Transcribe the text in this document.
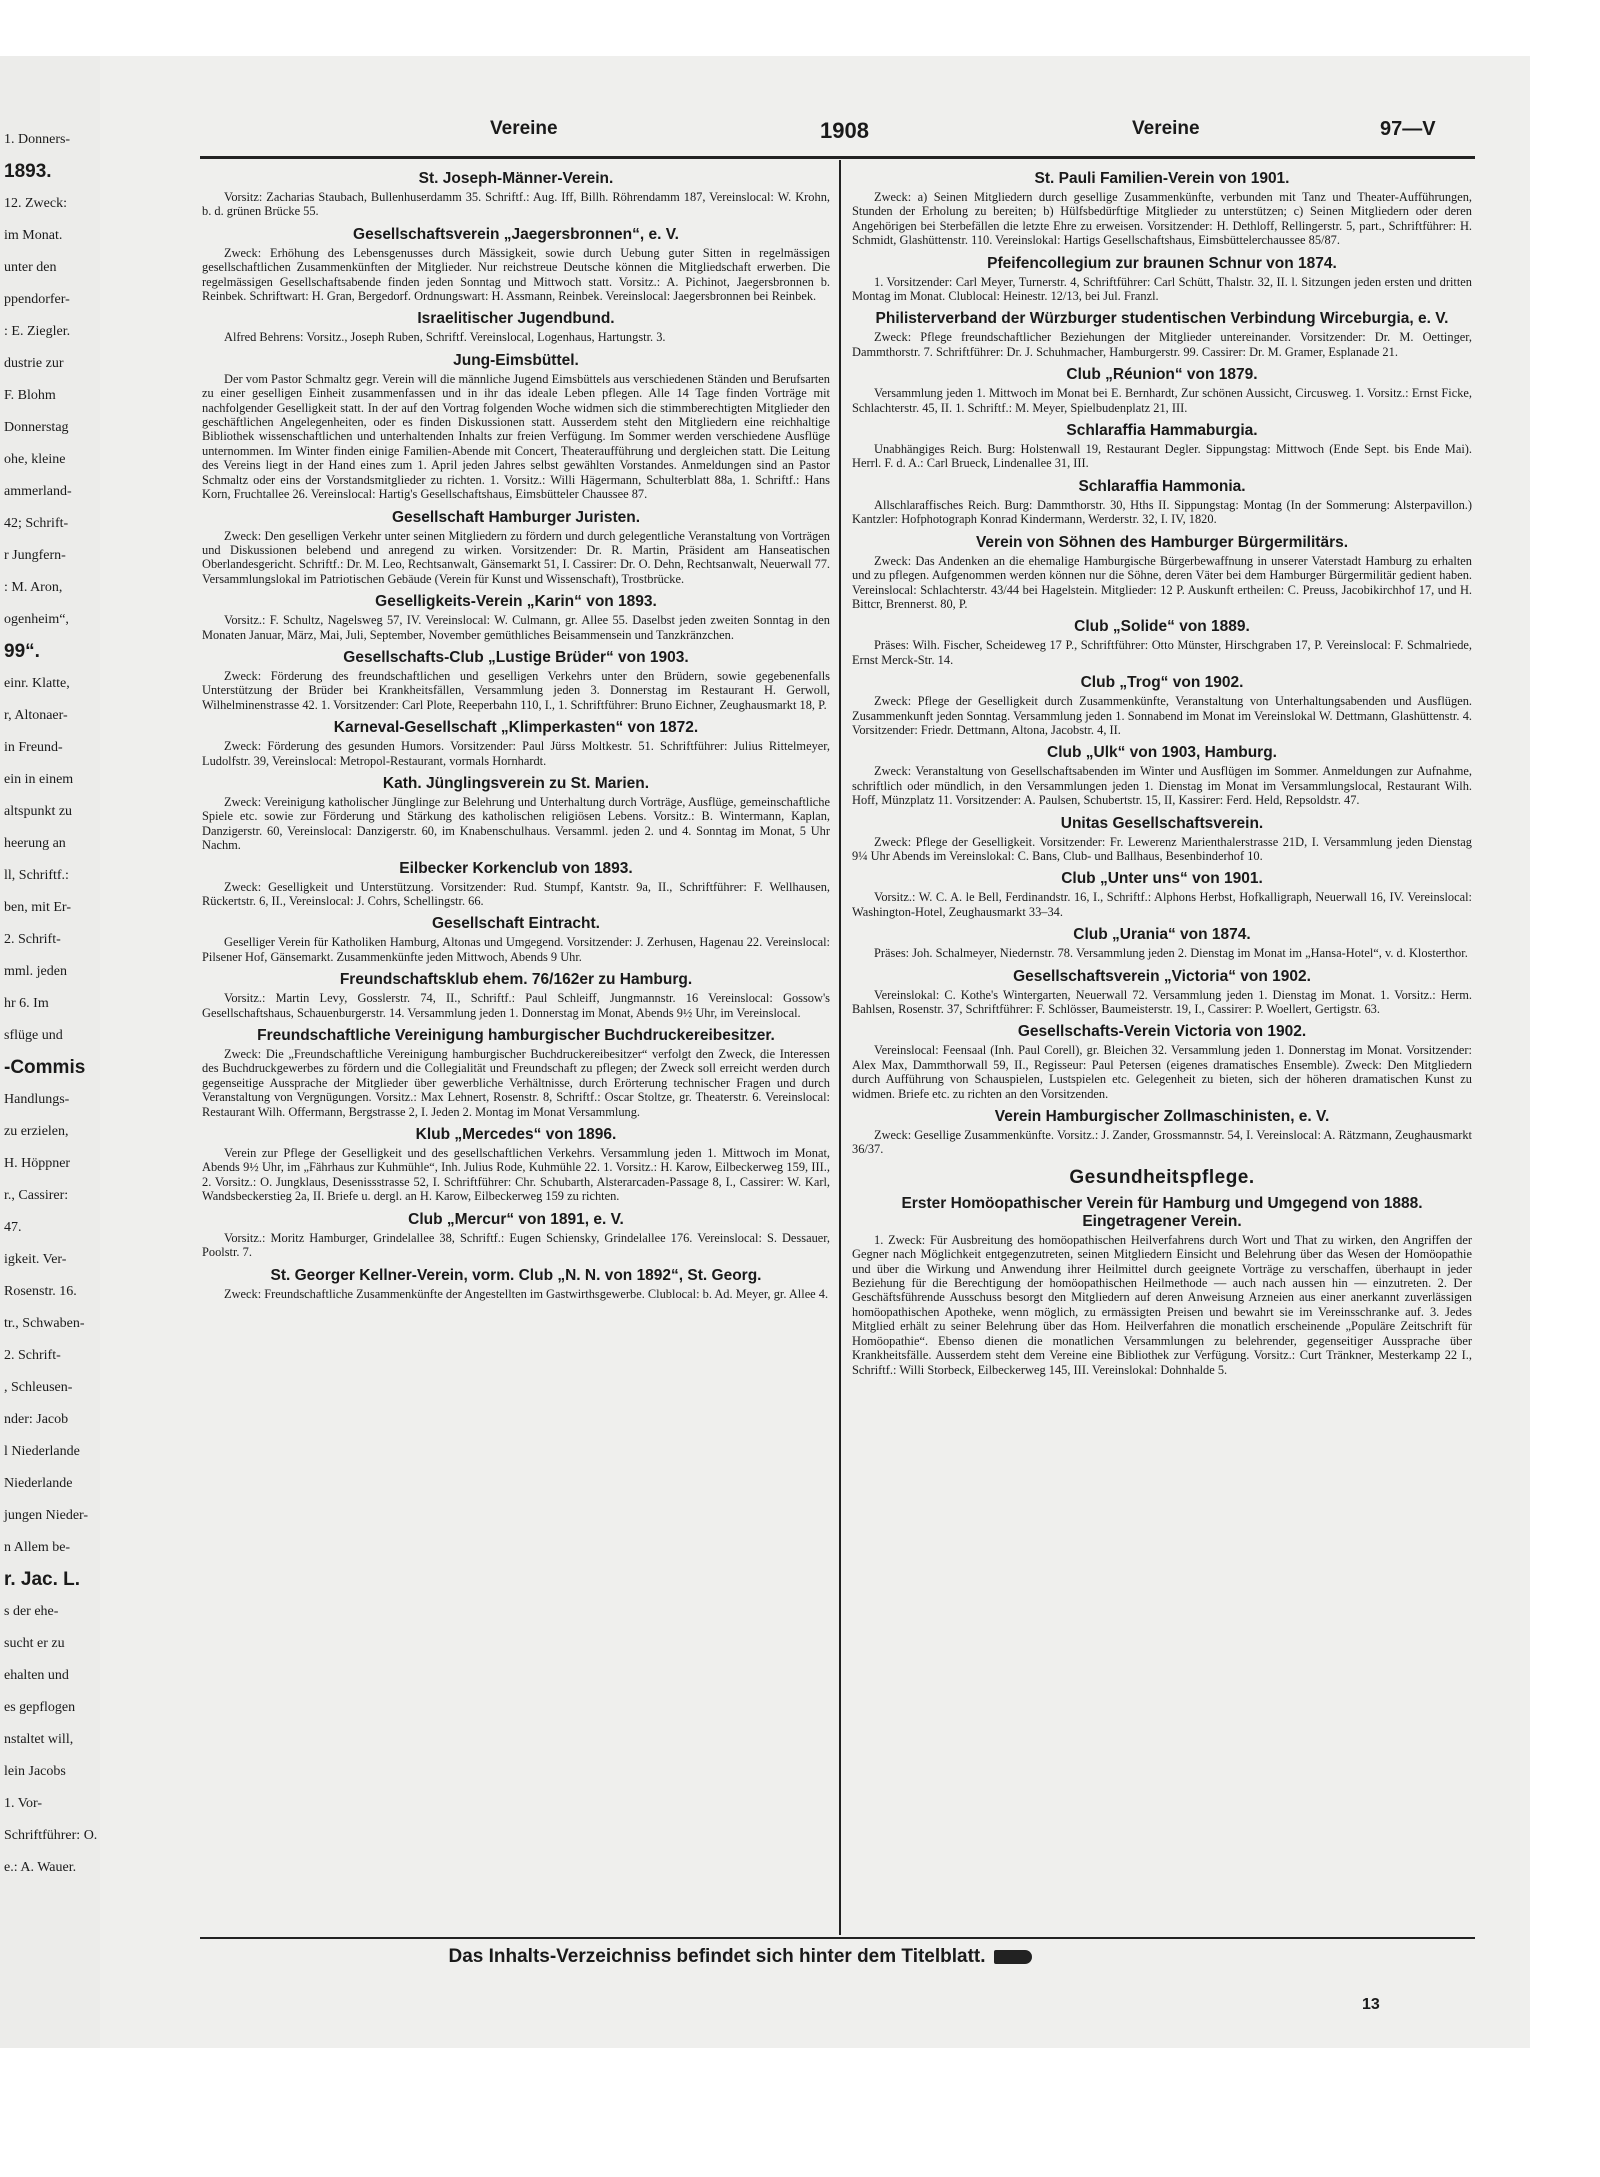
1. Donners-
1893.
12. Zweck:
im Monat.
unter den
ppendorfer-
: E. Ziegler.
dustrie zur
F. Blohm
Donnerstag
ohe, kleine
ammerland-
42; Schrift-
r Jungfern-
: M. Aron,
ogenheim“,
99“.
einr. Klatte,
r, Altonaer-
in Freund-
ein in einem
altspunkt zu
heerung an
ll, Schriftf.:
ben, mit Er-
2. Schrift-
mml. jeden
hr 6. Im
sflüge und
-Commis
Handlungs-
zu erzielen,
H. Höppner
r., Cassirer:
47.
igkeit. Ver-
Rosenstr. 16.
tr., Schwaben-
2. Schrift-
, Schleusen-
nder: Jacob
l Niederlande
Niederlande
jungen Nieder-
n Allem be-
r. Jac. L.
s der ehe-
sucht er zu
ehalten und
es gepflogen
nstaltet will,
lein Jacobs
1. Vor-
Schriftführer: O.
e.: A. Wauer.
Vereine	1908	Vereine	97—V
St. Joseph-Männer-Verein.

Vorsitz: Zacharias Staubach, Bullenhuserdamm 35. Schriftf.: Aug. Iff, Billh. Röhrendamm 187, Vereinslocal: W. Krohn, b. d. grünen Brücke 55.

Gesellschaftsverein „Jaegersbronnen“, e. V.

Zweck: Erhöhung des Lebensgenusses durch Mässigkeit, sowie durch Uebung guter Sitten in regelmässigen gesellschaftlichen Zusammenkünften der Mitglieder. Nur reichstreue Deutsche können die Mitgliedschaft erwerben. Die regelmässigen Gesellschaftsabende finden jeden Sonntag und Mittwoch statt. Vorsitz.: A. Pichinot, Jaegersbronnen b. Reinbek. Schriftwart: H. Gran, Bergedorf. Ordnungswart: H. Assmann, Reinbek. Vereinslocal: Jaegersbronnen bei Reinbek.

Israelitischer Jugendbund.

Alfred Behrens: Vorsitz., Joseph Ruben, Schriftf. Vereinslocal, Logenhaus, Hartungstr. 3.

Jung-Eimsbüttel.

Der vom Pastor Schmaltz gegr. Verein will die männliche Jugend Eimsbüttels aus verschiedenen Ständen und Berufsarten zu einer geselligen Einheit zusammenfassen und in ihr das ideale Leben pflegen. Alle 14 Tage finden Vorträge mit nachfolgender Geselligkeit statt. In der auf den Vortrag folgenden Woche widmen sich die stimmberechtigten Mitglieder den geschäftlichen Angelegenheiten, oder es finden Diskussionen statt. Ausserdem steht den Mitgliedern eine reichhaltige Bibliothek wissenschaftlichen und unterhaltenden Inhalts zur freien Verfügung. Im Sommer werden verschiedene Ausflüge unternommen. Im Winter finden einige Familien-Abende mit Concert, Theateraufführung und dergleichen statt. Die Leitung des Vereins liegt in der Hand eines zum 1. April jeden Jahres selbst gewählten Vorstandes. Anmeldungen sind an Pastor Schmaltz oder eins der Vorstandsmitglieder zu richten. 1. Vorsitz.: Willi Hägermann, Schulterblatt 88a, 1. Schriftf.: Hans Korn, Fruchtallee 26. Vereinslocal: Hartig's Gesellschaftshaus, Eimsbütteler Chaussee 87.

Gesellschaft Hamburger Juristen.

Zweck: Den geselligen Verkehr unter seinen Mitgliedern zu fördern und durch gelegentliche Veranstaltung von Vorträgen und Diskussionen belebend und anregend zu wirken. Vorsitzender: Dr. R. Martin, Präsident am Hanseatischen Oberlandesgericht. Schriftf.: Dr. M. Leo, Rechtsanwalt, Gänsemarkt 51, I. Cassirer: Dr. O. Dehn, Rechtsanwalt, Neuerwall 77. Versammlungslokal im Patriotischen Gebäude (Verein für Kunst und Wissenschaft), Trostbrücke.

Geselligkeits-Verein „Karin“ von 1893.

Vorsitz.: F. Schultz, Nagelsweg 57, IV. Vereinslocal: W. Culmann, gr. Allee 55. Daselbst jeden zweiten Sonntag in den Monaten Januar, März, Mai, Juli, September, November gemüthliches Beisammensein und Tanzkränzchen.

Gesellschafts-Club „Lustige Brüder“ von 1903.

Zweck: Förderung des freundschaftlichen und geselligen Verkehrs unter den Brüdern, sowie gegebenenfalls Unterstützung der Brüder bei Krankheitsfällen, Versammlung jeden 3. Donnerstag im Restaurant H. Gerwoll, Wilhelminenstrasse 42. 1. Vorsitzender: Carl Plote, Reeperbahn 110, I., 1. Schriftführer: Bruno Eichner, Zeughausmarkt 18, P.

Karneval-Gesellschaft „Klimperkasten“ von 1872.

Zweck: Förderung des gesunden Humors. Vorsitzender: Paul Jürss Moltkestr. 51. Schriftführer: Julius Rittelmeyer, Ludolfstr. 39, Vereinslocal: Metropol-Restaurant, vormals Hornhardt.

Kath. Jünglingsverein zu St. Marien.

Zweck: Vereinigung katholischer Jünglinge zur Belehrung und Unterhaltung durch Vorträge, Ausflüge, gemeinschaftliche Spiele etc. sowie zur Förderung und Stärkung des katholischen religiösen Lebens. Vorsitz.: B. Wintermann, Kaplan, Danzigerstr. 60, Vereinslocal: Danzigerstr. 60, im Knabenschulhaus. Versamml. jeden 2. und 4. Sonntag im Monat, 5 Uhr Nachm.

Eilbecker Korkenclub von 1893.

Zweck: Geselligkeit und Unterstützung. Vorsitzender: Rud. Stumpf, Kantstr. 9a, II., Schriftführer: F. Wellhausen, Rückertstr. 6, II., Vereinslocal: J. Cohrs, Schellingstr. 66.

Gesellschaft Eintracht.

Geselliger Verein für Katholiken Hamburg, Altonas und Umgegend. Vorsitzender: J. Zerhusen, Hagenau 22. Vereinslocal: Pilsener Hof, Gänsemarkt. Zusammenkünfte jeden Mittwoch, Abends 9 Uhr.

Freundschaftsklub ehem. 76/162er zu Hamburg.

Vorsitz.: Martin Levy, Gosslerstr. 74, II., Schriftf.: Paul Schleiff, Jungmannstr. 16 Vereinslocal: Gossow's Gesellschaftshaus, Schauenburgerstr. 14. Versammlung jeden 1. Donnerstag im Monat, Abends 9½ Uhr, im Vereinslocal.

Freundschaftliche Vereinigung hamburgischer Buchdruckereibesitzer.

Zweck: Die „Freundschaftliche Vereinigung hamburgischer Buchdruckereibesitzer“ verfolgt den Zweck, die Interessen des Buchdruckgewerbes zu fördern und die Collegialität und Freundschaft zu pflegen; der Zweck soll erreicht werden durch gegenseitige Aussprache der Mitglieder über gewerbliche Verhältnisse, durch Erörterung technischer Fragen und durch Veranstaltung von Vergnügungen. Vorsitz.: Max Lehnert, Rosenstr. 8, Schriftf.: Oscar Stoltze, gr. Theaterstr. 6. Vereinslocal: Restaurant Wilh. Offermann, Bergstrasse 2, I. Jeden 2. Montag im Monat Versammlung.

Klub „Mercedes“ von 1896.

Verein zur Pflege der Geselligkeit und des gesellschaftlichen Verkehrs. Versammlung jeden 1. Mittwoch im Monat, Abends 9½ Uhr, im „Fährhaus zur Kuhmühle“, Inh. Julius Rode, Kuhmühle 22. 1. Vorsitz.: H. Karow, Eilbeckerweg 159, III., 2. Vorsitz.: O. Jungklaus, Desenissstrasse 52, I. Schriftführer: Chr. Schubarth, Alsterarcaden-Passage 8, I., Cassirer: W. Karl, Wandsbeckerstieg 2a, II. Briefe u. dergl. an H. Karow, Eilbeckerweg 159 zu richten.

Club „Mercur“ von 1891, e. V.

Vorsitz.: Moritz Hamburger, Grindelallee 38, Schriftf.: Eugen Schiensky, Grindelallee 176. Vereinslocal: S. Dessauer, Poolstr. 7.

St. Georger Kellner-Verein, vorm. Club „N. N. von 1892“, St. Georg.

Zweck: Freundschaftliche Zusammenkünfte der Angestellten im Gastwirthsgewerbe. Clublocal: b. Ad. Meyer, gr. Allee 4.

St. Pauli Familien-Verein von 1901.

Zweck: a) Seinen Mitgliedern durch gesellige Zusammenkünfte, verbunden mit Tanz und Theater-Aufführungen, Stunden der Erholung zu bereiten; b) Hülfsbedürftige Mitglieder zu unterstützen; c) Seinen Mitgliedern oder deren Angehörigen bei Sterbefällen die letzte Ehre zu erweisen. Vorsitzender: H. Dethloff, Rellingerstr. 5, part., Schriftführer: H. Schmidt, Glashüttenstr. 110. Vereinslokal: Hartigs Gesellschaftshaus, Eimsbüttelerchaussee 85/87.

Pfeifencollegium zur braunen Schnur von 1874.

1. Vorsitzender: Carl Meyer, Turnerstr. 4, Schriftführer: Carl Schütt, Thalstr. 32, II. l. Sitzungen jeden ersten und dritten Montag im Monat. Clublocal: Heinestr. 12/13, bei Jul. Franzl.

Philisterverband der Würzburger studentischen Verbindung Wirceburgia, e. V.

Zweck: Pflege freundschaftlicher Beziehungen der Mitglieder untereinander. Vorsitzender: Dr. M. Oettinger, Dammthorstr. 7. Schriftführer: Dr. J. Schuhmacher, Hamburgerstr. 99. Cassirer: Dr. M. Gramer, Esplanade 21.

Club „Réunion“ von 1879.

Versammlung jeden 1. Mittwoch im Monat bei E. Bernhardt, Zur schönen Aussicht, Circusweg. 1. Vorsitz.: Ernst Ficke, Schlachterstr. 45, II. 1. Schriftf.: M. Meyer, Spielbudenplatz 21, III.

Schlaraffia Hammaburgia.

Unabhängiges Reich. Burg: Holstenwall 19, Restaurant Degler. Sippungstag: Mittwoch (Ende Sept. bis Ende Mai). Herrl. F. d. A.: Carl Brueck, Lindenallee 31, III.

Schlaraffia Hammonia.

Allschlaraffisches Reich. Burg: Dammthorstr. 30, Hths II. Sippungstag: Montag (In der Sommerung: Alsterpavillon.) Kantzler: Hofphotograph Konrad Kindermann, Werderstr. 32, I. IV, 1820.

Verein von Söhnen des Hamburger Bürgermilitärs.

Zweck: Das Andenken an die ehemalige Hamburgische Bürgerbewaffnung in unserer Vaterstadt Hamburg zu erhalten und zu pflegen. Aufgenommen werden können nur die Söhne, deren Väter bei dem Hamburger Bürgermilitär gedient haben. Vereinslocal: Schlachterstr. 43/44 bei Hagelstein. Mitglieder: 12 P. Auskunft ertheilen: C. Preuss, Jacobikirchhof 17, und H. Bittcr, Brennerst. 80, P.

Club „Solide“ von 1889.

Präses: Wilh. Fischer, Scheideweg 17 P., Schriftführer: Otto Münster, Hirschgraben 17, P. Vereinslocal: F. Schmalriede, Ernst Merck-Str. 14.

Club „Trog“ von 1902.

Zweck: Pflege der Geselligkeit durch Zusammenkünfte, Veranstaltung von Unterhaltungsabenden und Ausflügen. Zusammenkunft jeden Sonntag. Versammlung jeden 1. Sonnabend im Monat im Vereinslokal W. Dettmann, Glashüttenstr. 4. Vorsitzender: Friedr. Dettmann, Altona, Jacobstr. 4, II.

Club „Ulk“ von 1903, Hamburg.

Zweck: Veranstaltung von Gesellschaftsabenden im Winter und Ausflügen im Sommer. Anmeldungen zur Aufnahme, schriftlich oder mündlich, in den Versammlungen jeden 1. Dienstag im Monat im Versammlungslocal, Restaurant Wilh. Hoff, Münzplatz 11. Vorsitzender: A. Paulsen, Schubertstr. 15, II, Kassirer: Ferd. Held, Repsoldstr. 47.

Unitas Gesellschaftsverein.

Zweck: Pflege der Geselligkeit. Vorsitzender: Fr. Lewerenz Marienthalerstrasse 21D, I. Versammlung jeden Dienstag 9¼ Uhr Abends im Vereinslokal: C. Bans, Club- und Ballhaus, Besenbinderhof 10.

Club „Unter uns“ von 1901.

Vorsitz.: W. C. A. le Bell, Ferdinandstr. 16, I., Schriftf.: Alphons Herbst, Hofkalligraph, Neuerwall 16, IV. Vereinslocal: Washington-Hotel, Zeughausmarkt 33–34.

Club „Urania“ von 1874.

Präses: Joh. Schalmeyer, Niedernstr. 78. Versammlung jeden 2. Dienstag im Monat im „Hansa-Hotel“, v. d. Klosterthor.

Gesellschaftsverein „Victoria“ von 1902.

Vereinslokal: C. Kothe's Wintergarten, Neuerwall 72. Versammlung jeden 1. Dienstag im Monat. 1. Vorsitz.: Herm. Bahlsen, Rosenstr. 37, Schriftführer: F. Schlösser, Baumeisterstr. 19, I., Cassirer: P. Woellert, Gertigstr. 63.

Gesellschafts-Verein Victoria von 1902.

Vereinslocal: Feensaal (Inh. Paul Corell), gr. Bleichen 32. Versammlung jeden 1. Donnerstag im Monat. Vorsitzender: Alex Max, Dammthorwall 59, II., Regisseur: Paul Petersen (eigenes dramatisches Ensemble). Zweck: Den Mitgliedern durch Aufführung von Schauspielen, Lustspielen etc. Gelegenheit zu bieten, sich der höheren dramatischen Kunst zu widmen. Briefe etc. zu richten an den Vorsitzenden.

Verein Hamburgischer Zollmaschinisten, e. V.

Zweck: Gesellige Zusammenkünfte. Vorsitz.: J. Zander, Grossmannstr. 54, I. Vereinslocal: A. Rätzmann, Zeughausmarkt 36/37.

Gesundheitspflege.
Erster Homöopathischer Verein für Hamburg und Umgegend von 1888. Eingetragener Verein.

1. Zweck: Für Ausbreitung des homöopathischen Heilverfahrens durch Wort und That zu wirken, den Angriffen der Gegner nach Möglichkeit entgegenzutreten, seinen Mitgliedern Einsicht und Belehrung über das Wesen der Homöopathie und über die Wirkung und Anwendung ihrer Heilmittel durch geeignete Vorträge zu verschaffen, überhaupt in jeder Beziehung für die Berechtigung der homöopathischen Heilmethode — auch nach aussen hin — einzutreten. 2. Der Geschäftsführende Ausschuss besorgt den Mitgliedern auf deren Anweisung Arzneien aus einer anerkannt zuverlässigen homöopathischen Apotheke, wenn möglich, zu ermässigten Preisen und bewahrt sie im Vereinsschranke auf. 3. Jedes Mitglied erhält zu seiner Belehrung über das Hom. Heilverfahren die monatlich erscheinende „Populäre Zeitschrift für Homöopathie“. Ebenso dienen die monatlichen Versammlungen zu belehrender, gegenseitiger Aussprache über Krankheitsfälle. Ausserdem steht dem Vereine eine Bibliothek zur Verfügung. Vorsitz.: Curt Tränkner, Mesterkamp 22 I., Schriftf.: Willi Storbeck, Eilbeckerweg 145, III. Vereinslokal: Dohnhalde 5.

Das Inhalts-Verzeichniss befindet sich hinter dem Titelblatt.
13
